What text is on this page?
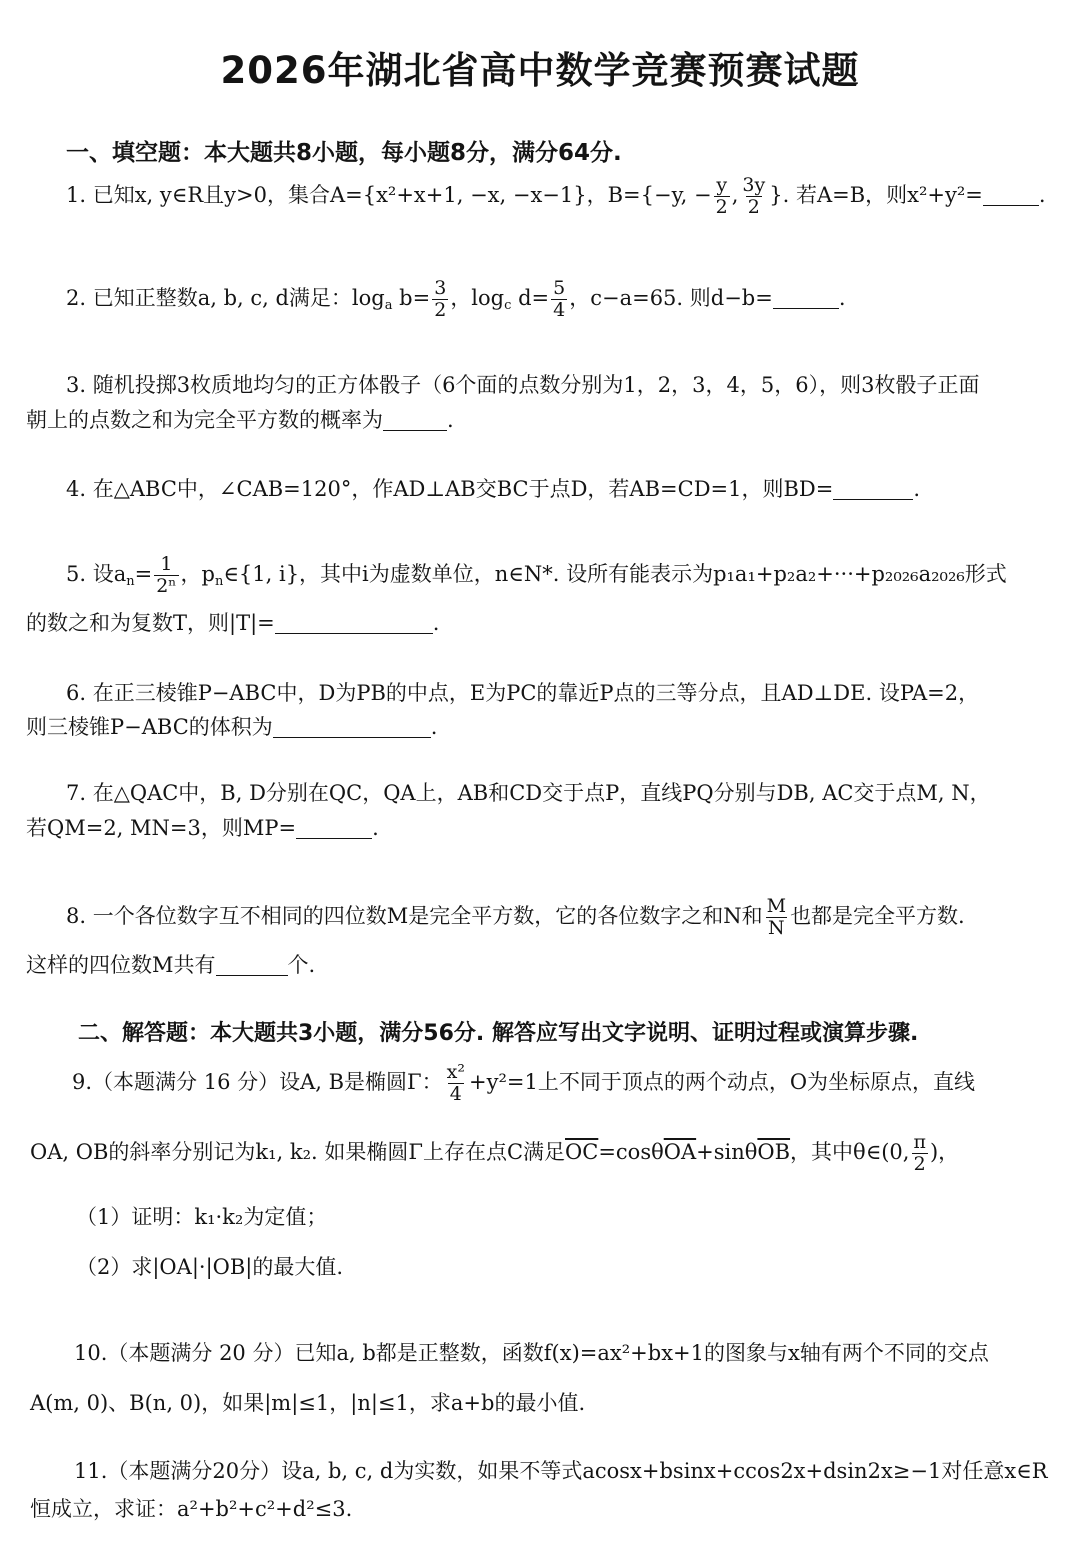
2026年湖北省高中数学竞赛预赛试题
一、填空题：本大题共8小题，每小题8分，满分64分.
1. 已知x, y∈R且y>0，集合A={x²+x+1, −x, −x−1}，B={−y, − $\frac{y}{2}$ , $\frac{3y}{2}$ }. 若A=B，则x²+y²=	.
2. 已知正整数a, b, c, d满足：$\log_a b= \frac{3}{2}$ ，$\log_c d= \frac{5}{4}$ ，c−a=65. 则d−b=	.
3. 随机投掷3枚质地均匀的正方体骰子（6个面的点数分别为1，2，3，4，5，6），则3枚骰子正面
朝上的点数之和为完全平方数的概率为	.
4. 在△ABC中，∠CAB=120°，作AD⊥AB交BC于点D，若AB=CD=1，则BD=	.
5. 设$a_n= \frac{1}{\text{2ⁿ}}$ ，$p_n\in\{1$, i}，其中i为虚数单位，n∈N*. 设所有能表示为p₁a₁+p₂a₂+···+p₂₀₂₆a₂₀₂₆形式
的数之和为复数T，则|T|=	.
6. 在正三棱锥P−ABC中，D为PB的中点，E为PC的靠近P点的三等分点，且AD⊥DE. 设PA=2，
则三棱锥P−ABC的体积为	.
7. 在△QAC中，B, D分别在QC，QA上，AB和CD交于点P，直线PQ分别与DB, AC交于点M, N，
若QM=2, MN=3，则MP=	.
8. 一个各位数字互不相同的四位数M是完全平方数，它的各位数字之和N和 $\frac{M}{N}$ 也都是完全平方数.
这样的四位数M共有	个.
二、解答题：本大题共3小题，满分56分. 解答应写出文字说明、证明过程或演算步骤.
9.（本题满分 16 分）设A, B是椭圆Γ： $\frac{\text{x²}}{4} +y^2=1$上不同于顶点的两个动点，O为坐标原点，直线
OA, OB的斜率分别记为k₁, k₂. 如果椭圆Γ上存在点C满足$\overline{OC}=\cos\theta\overline{OA}+\sin\theta\overline{OB}$，其中θ∈(0, $\frac{\pi}{2}$ )，
（1）证明：k₁·k₂为定值；
（2）求|OA|·|OB|的最大值.
10.（本题满分 20 分）已知a, b都是正整数，函数f(x)=ax²+bx+1的图象与x轴有两个不同的交点
A(m, 0)、B(n, 0)，如果|m|≤1，|n|≤1，求a+b的最小值.
11.（本题满分20分）设a, b, c, d为实数，如果不等式acosx+bsinx+ccos2x+dsin2x≥−1对任意x∈R
恒成立，求证：a²+b²+c²+d²≤3.
